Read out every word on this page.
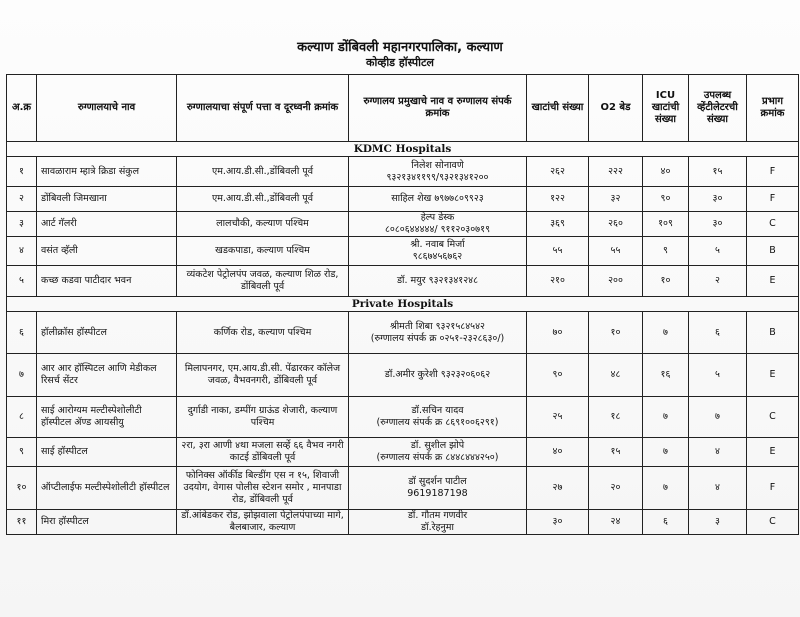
कल्याण डोंबिवली महानगरपालिका, कल्याण
कोव्हीड हॉस्पीटल
अ.क्र	रुग्णालयाचे नाव	रुग्णालयाचा संपूर्ण पत्ता व दूरध्वनी क्रमांक	रुग्णालय प्रमुखाचे नाव व रुग्णालय संपर्क क्रमांक	खाटांची संख्या	O2 बेड	ICU खाटांची संख्या	उपलब्ध व्हेंटीलेटरची संख्या	प्रभाग क्रमांक
KDMC Hospitals								
१	सावळाराम म्हात्रे क्रिडा संकुल	एम.आय.डी.सी.,डोंबिवली पूर्व	निलेश सोनावणे
९३२१३४११९९/९३२१३४१२००	२६२	२२२	४०	१५	F
२	डोंबिवली जिमखाना	एम.आय.डी.सी.,डोंबिवली पूर्व	साहिल शेख ७९७७८०९९२३	१२२	३२	९०	३०	F
३	आर्ट गॅलरी	लालचौकी, कल्याण पश्चिम	हेल्प डेस्क
८०८०६४४४४४/ ९११२०३०७१९	३६९	२६०	१०९	३०	C
४	वसंत व्हॅली	खडकपाडा, कल्याण पश्चिम	श्री. नवाब मिर्जा
९८६७४५६७६२	५५	५५	९	५	B
५	कच्छ कडवा पाटीदार भवन	व्यंकटेश पेट्रोलपंप जवळ, कल्याण शिळ रोड, डोंबिवली पूर्व	डॉ. मयुर ९३२१३४१२४८	२१०	२००	१०	२	E
Private Hospitals								
६	हॉलीक्रॉस हॉस्पीटल	कर्णिक रोड, कल्याण पश्चिम	श्रीमती शिबा ९३२१५८४५४२
(रुग्णालय संपर्क क्र ०२५१-२३२८६३०/)	७०	१०	७	६	B
७	आर आर हॉस्पिटल आणि मेडीकल रिसर्च सेंटर	मिलापनगर, एम.आय.डी.सी. पेंढारकर कॉलेज जवळ, वैभवनगरी, डोंबिवली पूर्व	डॉ.अमीर कुरेशी ९३२३२०६०६२	९०	४८	१६	५	E
८	साई आरोग्यम मल्टीस्पेशोलीटी हॉस्पीटल ॲण्ड आयसीयु	दुर्गाडी नाका, डम्पींग ग्राऊंड शेजारी, कल्याण पश्चिम	डॉ.सचिन यादव
(रुग्णालय संपर्क क्र ८६९१००६२९१)	२५	१८	७	७	C
९	साई हॉस्पीटल	२रा, ३रा आणी ४था मजला सर्व्हे ६६ वैभव नगरी काटई डोंबिवली पूर्व	डॉ. सुशील झोपे
(रुग्णालय संपर्क क्र ८४४८४४४२५०)	४०	१५	७	४	E
१०	ऑप्टीलाईफ मल्टीस्पेशोलीटी हॉस्पीटल	फोनिक्स ऑर्कीड बिल्डींग एस न १५, शिवाजी उदयोग, वेगास पोलीस स्टेशन समोर , मानपाडा रोड, डोंबिवली पूर्व	डॉ सुदर्शन पाटील
9619187198	२७	२०	७	४	F
११	मिरा हॉस्पीटल	डॉ.आंबेडकर रोड, झोझवाला पेट्रोलपंपाच्या मागे, बैलबाजार, कल्याण	डॉ. गौतम गणवीर
डॉ.रेहनुमा	३०	२४	६	३	C
